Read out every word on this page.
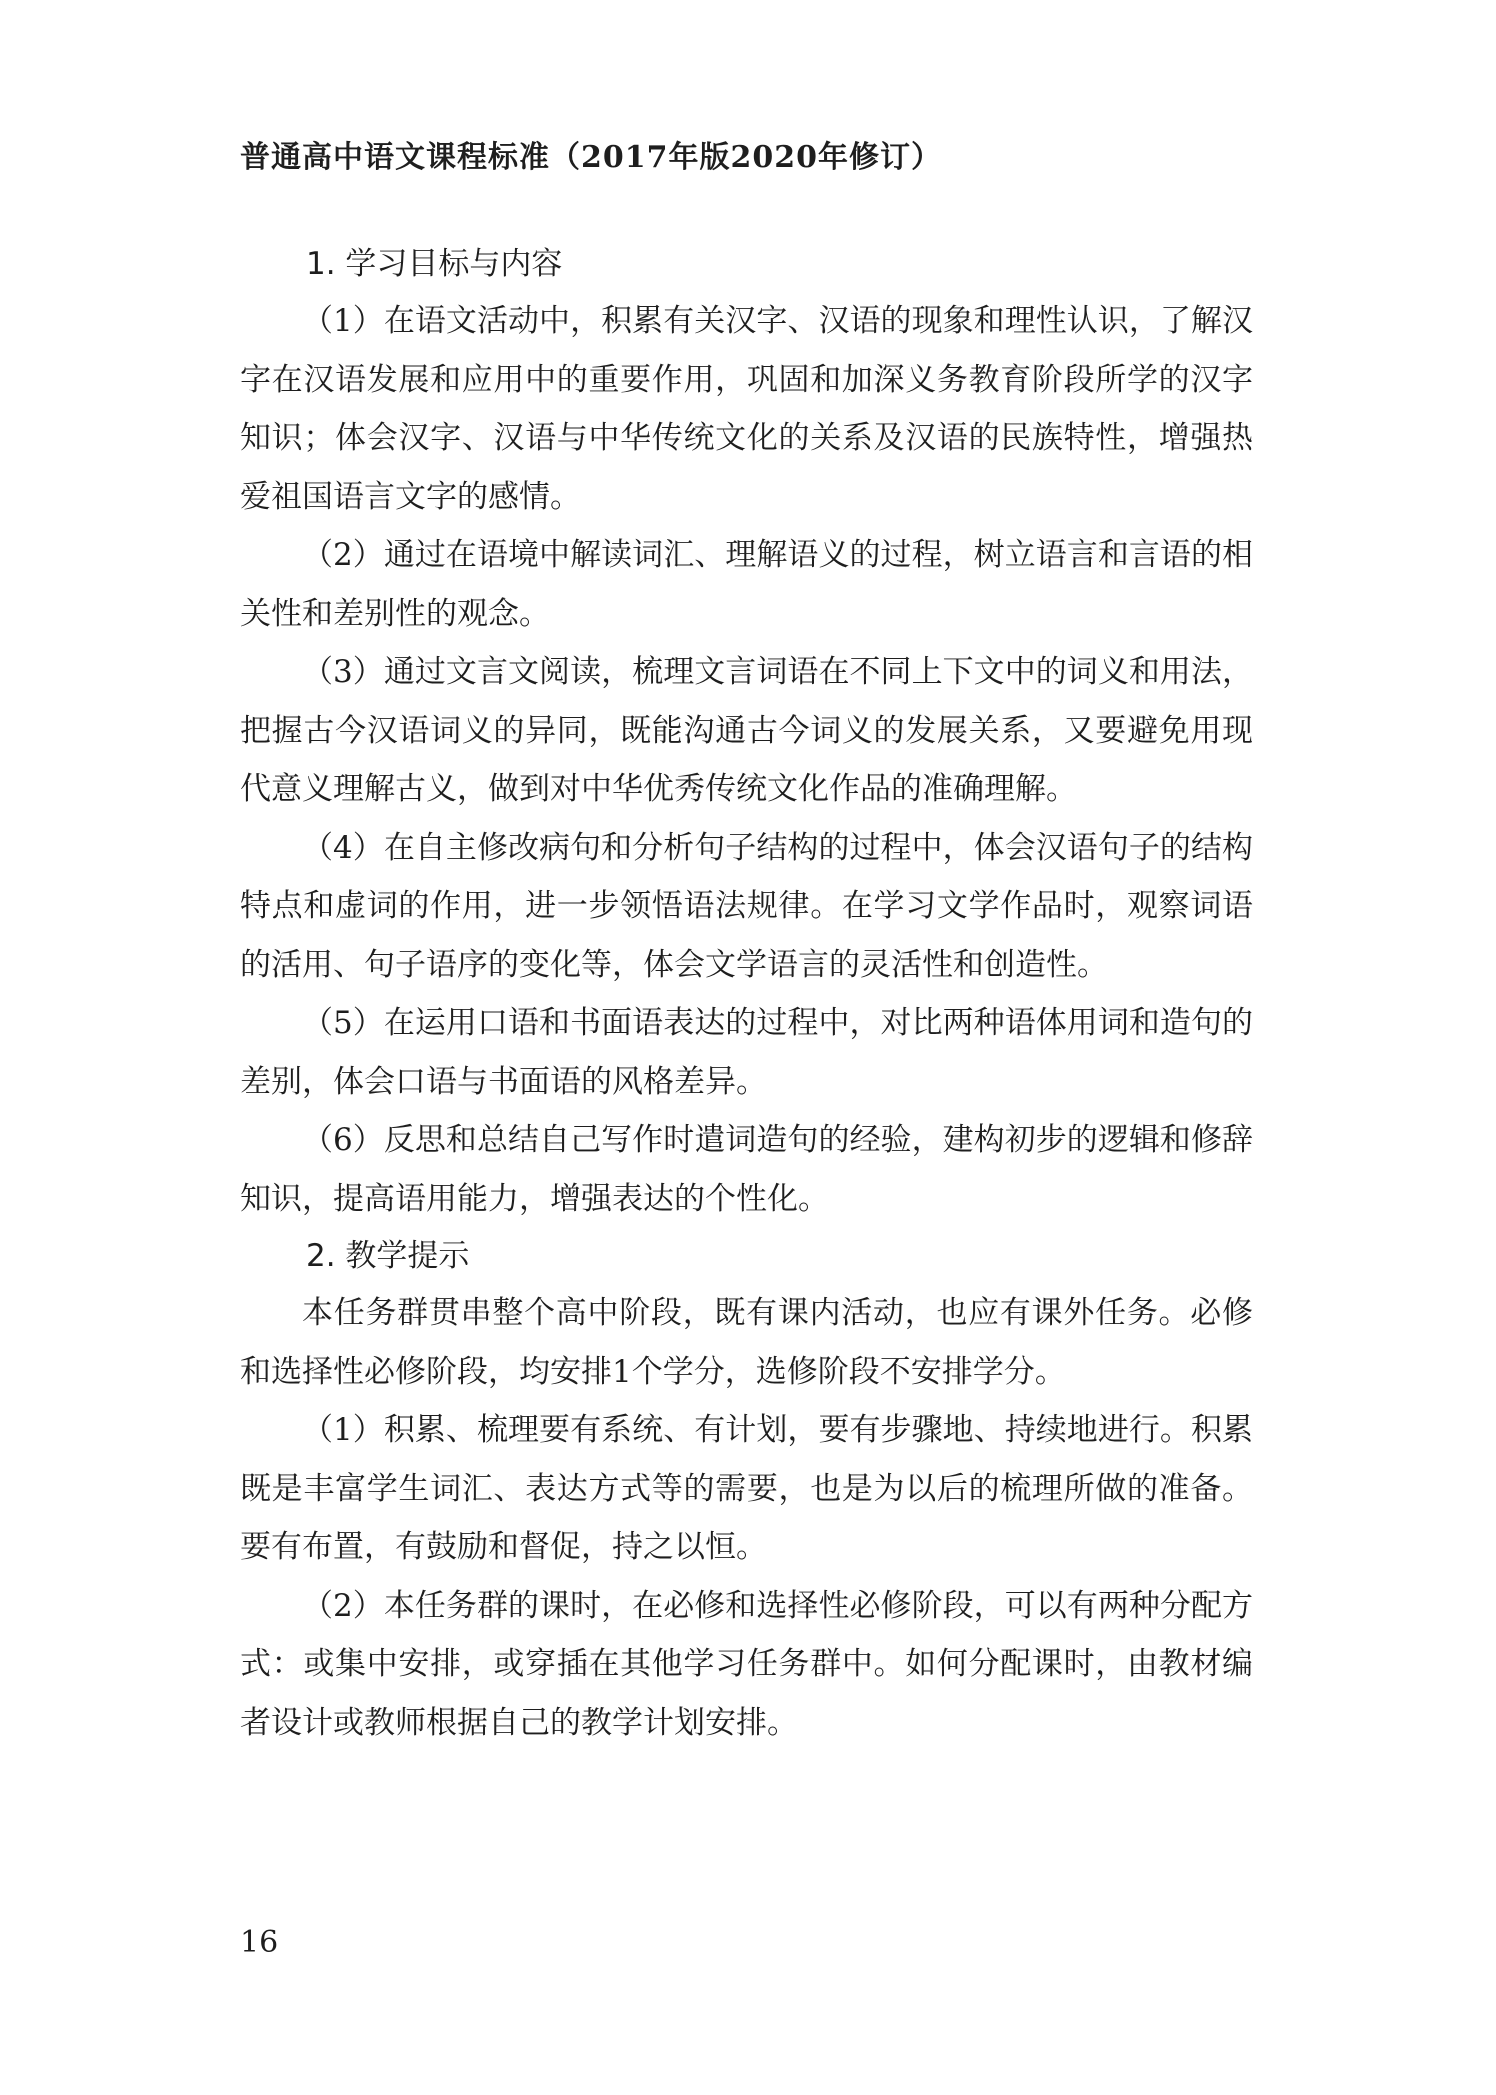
普通高中语文课程标准（2017年版2020年修订）

1. 学习目标与内容

（1）在语文活动中，积累有关汉字、汉语的现象和理性认识，了解汉字在汉语发展和应用中的重要作用，巩固和加深义务教育阶段所学的汉字知识；体会汉字、汉语与中华传统文化的关系及汉语的民族特性，增强热爱祖国语言文字的感情。

（2）通过在语境中解读词汇、理解语义的过程，树立语言和言语的相关性和差别性的观念。

（3）通过文言文阅读，梳理文言词语在不同上下文中的词义和用法，把握古今汉语词义的异同，既能沟通古今词义的发展关系，又要避免用现代意义理解古义，做到对中华优秀传统文化作品的准确理解。

（4）在自主修改病句和分析句子结构的过程中，体会汉语句子的结构特点和虚词的作用，进一步领悟语法规律。在学习文学作品时，观察词语的活用、句子语序的变化等，体会文学语言的灵活性和创造性。

（5）在运用口语和书面语表达的过程中，对比两种语体用词和造句的差别，体会口语与书面语的风格差异。

（6）反思和总结自己写作时遣词造句的经验，建构初步的逻辑和修辞知识，提高语用能力，增强表达的个性化。

2. 教学提示

本任务群贯串整个高中阶段，既有课内活动，也应有课外任务。必修和选择性必修阶段，均安排1个学分，选修阶段不安排学分。

（1）积累、梳理要有系统、有计划，要有步骤地、持续地进行。积累既是丰富学生词汇、表达方式等的需要，也是为以后的梳理所做的准备。要有布置，有鼓励和督促，持之以恒。

（2）本任务群的课时，在必修和选择性必修阶段，可以有两种分配方式：或集中安排，或穿插在其他学习任务群中。如何分配课时，由教材编者设计或教师根据自己的教学计划安排。

16
